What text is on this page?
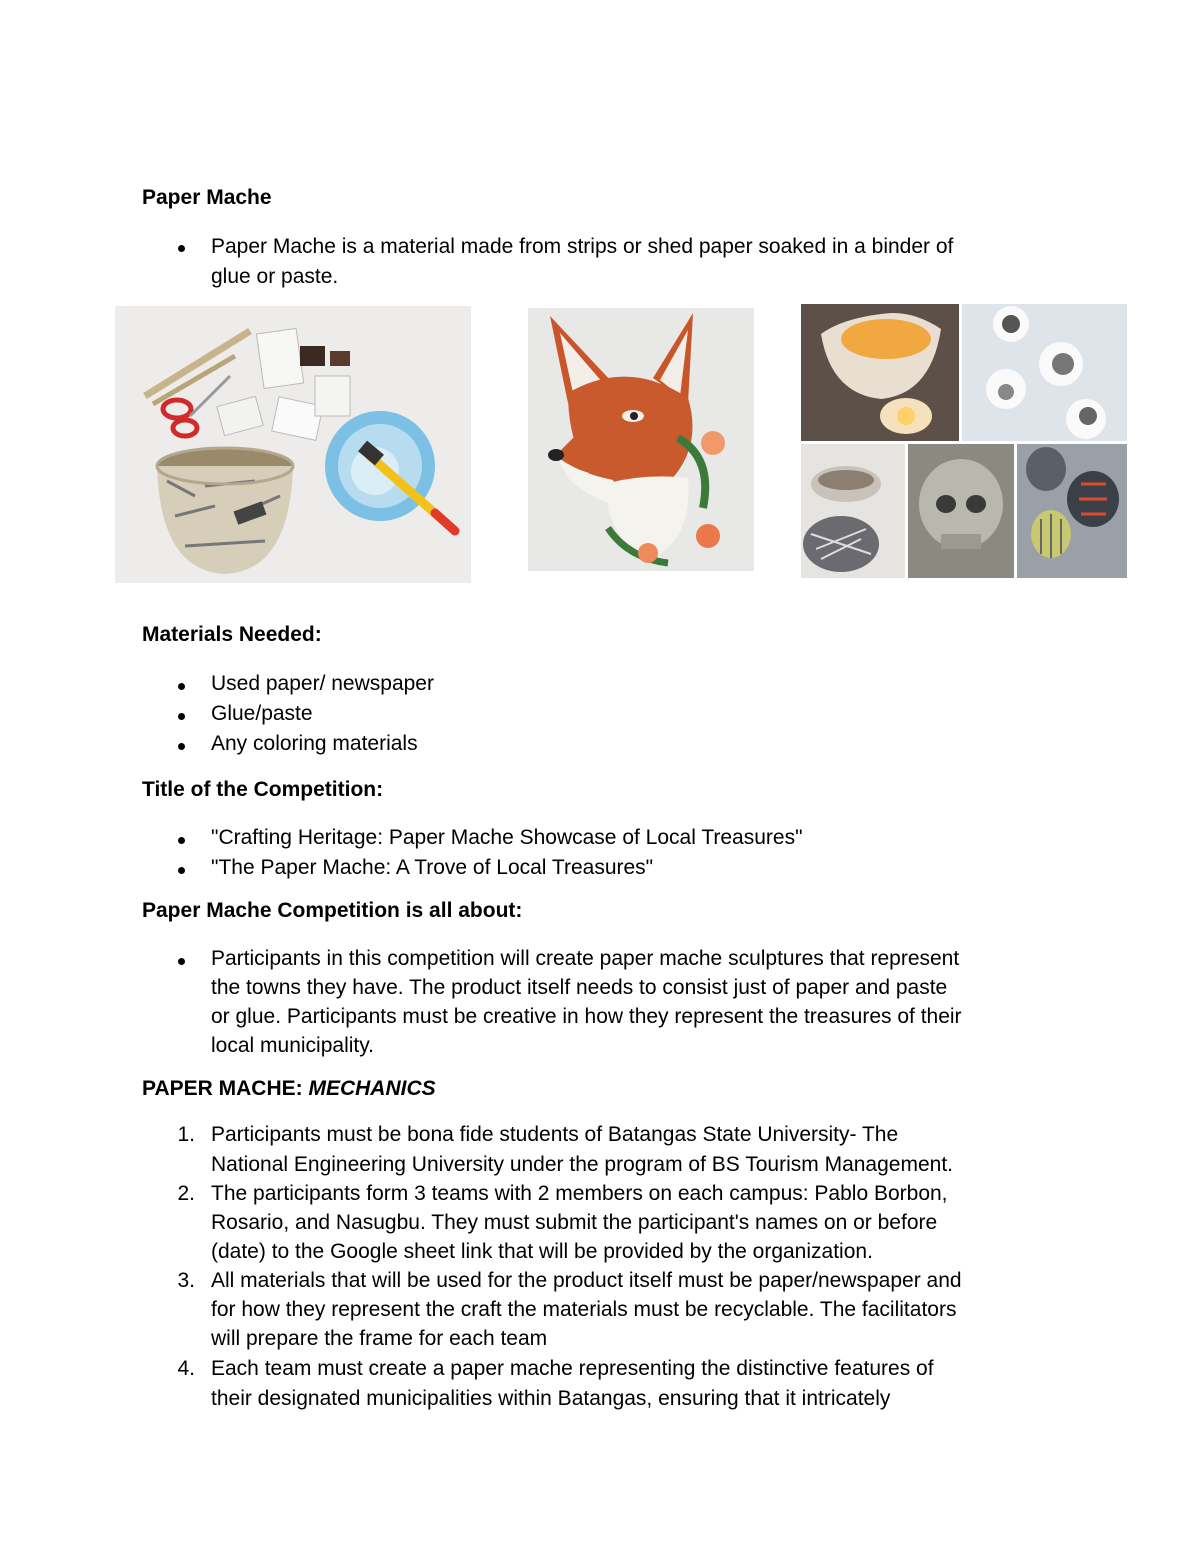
Paper Mache
Paper Mache is a material made from strips or shed paper soaked in a binder of
glue or paste.
Materials Needed:
Used paper/ newspaper
Glue/paste
Any coloring materials
Title of the Competition:
"Crafting Heritage: Paper Mache Showcase of Local Treasures"
"The Paper Mache: A Trove of Local Treasures"
Paper Mache Competition is all about:
Participants in this competition will create paper mache sculptures that represent
the towns they have. The product itself needs to consist just of paper and paste
or glue. Participants must be creative in how they represent the treasures of their
local municipality.
PAPER MACHE: MECHANICS
1. Participants must be bona fide students of Batangas State University- The
National Engineering University under the program of BS Tourism Management.
2. The participants form 3 teams with 2 members on each campus: Pablo Borbon,
Rosario, and Nasugbu. They must submit the participant's names on or before
(date) to the Google sheet link that will be provided by the organization.
3. All materials that will be used for the product itself must be paper/newspaper and
for how they represent the craft the materials must be recyclable. The facilitators
will prepare the frame for each team
4. Each team must create a paper mache representing the distinctive features of
their designated municipalities within Batangas, ensuring that it intricately
